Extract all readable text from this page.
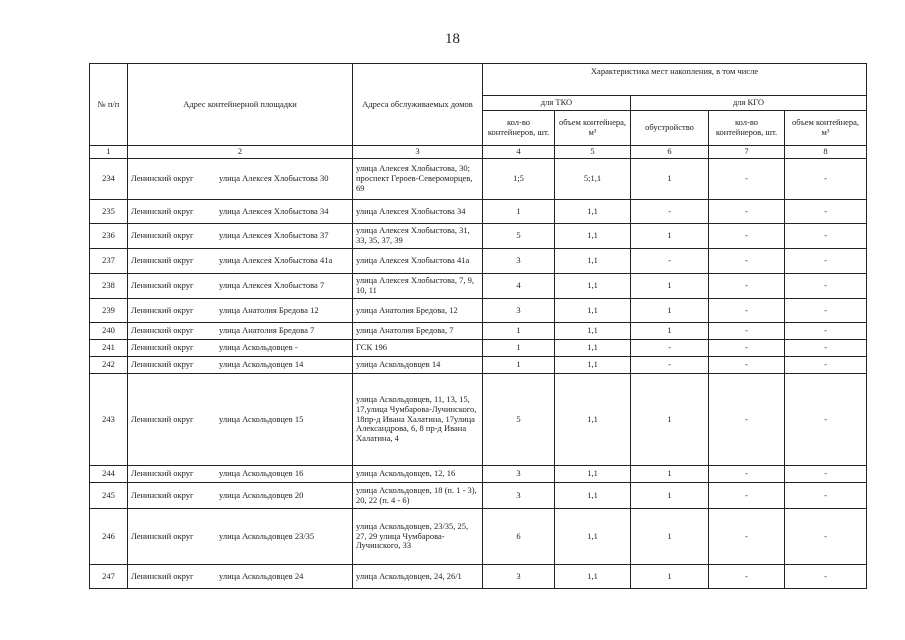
18
№ п/п	Адрес контейнерной площадки	Адреса обслуживаемых домов	Характеристика мест накопления, в том числе				
			для ТКО		для КГО		
			кол-во контейнеров, шт.	объем контейнера, м³	обустройство	кол-во контейнеров, шт.	объем контейнера, м³
1	2	3	4	5	6	7	8
234	Ленинский округ улица Алексея Хлобыстова 30	улица Алексея Хлобыстова, 30; проспект Героев-Североморцев, 69	1;5	5;1,1	1	-	-
235	Ленинский округ улица Алексея Хлобыстова 34	улица Алексея Хлобыстова 34	1	1,1	-	-	-
236	Ленинский округ улица Алексея Хлобыстова 37	улица Алексея Хлобыстова, 31, 33, 35, 37, 39	5	1,1	1	-	-
237	Ленинский округ улица Алексея Хлобыстова 41а	улица Алексея Хлобыстова 41а	3	1,1	-	-	-
238	Ленинский округ улица Алексея Хлобыстова 7	улица Алексея Хлобыстова, 7, 9, 10, 11	4	1,1	1	-	-
239	Ленинский округ улица Анатолия Бредова 12	улица Анатолия Бредова, 12	3	1,1	1	-	-
240	Ленинский округ улица Анатолия Бредова 7	улица Анатолия Бредова, 7	1	1,1	1	-	-
241	Ленинский округ улица Аскольдовцев -	ГСК 196	1	1,1	-	-	-
242	Ленинский округ улица Аскольдовцев 14	улица Аскольдовцев 14	1	1,1	-	-	-
243	Ленинский округ улица Аскольдовцев 15	улица Аскольдовцев, 11, 13, 15, 17,улица Чумбарова-Лучинского, 18пр-д Ивана Халатина, 17улица Александрова, 6, 8 пр-д Ивана Халатина, 4	5	1,1	1	-	-
244	Ленинский округ улица Аскольдовцев 16	улица Аскольдовцев, 12, 16	3	1,1	1	-	-
245	Ленинский округ улица Аскольдовцев 20	улица Аскольдовцев, 18 (п. 1 - 3), 20, 22 (п. 4 - 6)	3	1,1	1	-	-
246	Ленинский округ улица Аскольдовцев 23/35	улица Аскольдовцев, 23/35, 25, 27, 29 улица Чумбарова-Лучинского, 33	6	1,1	1	-	-
247	Ленинский округ улица Аскольдовцев 24	улица Аскольдовцев, 24, 26/1	3	1,1	1	-	-
